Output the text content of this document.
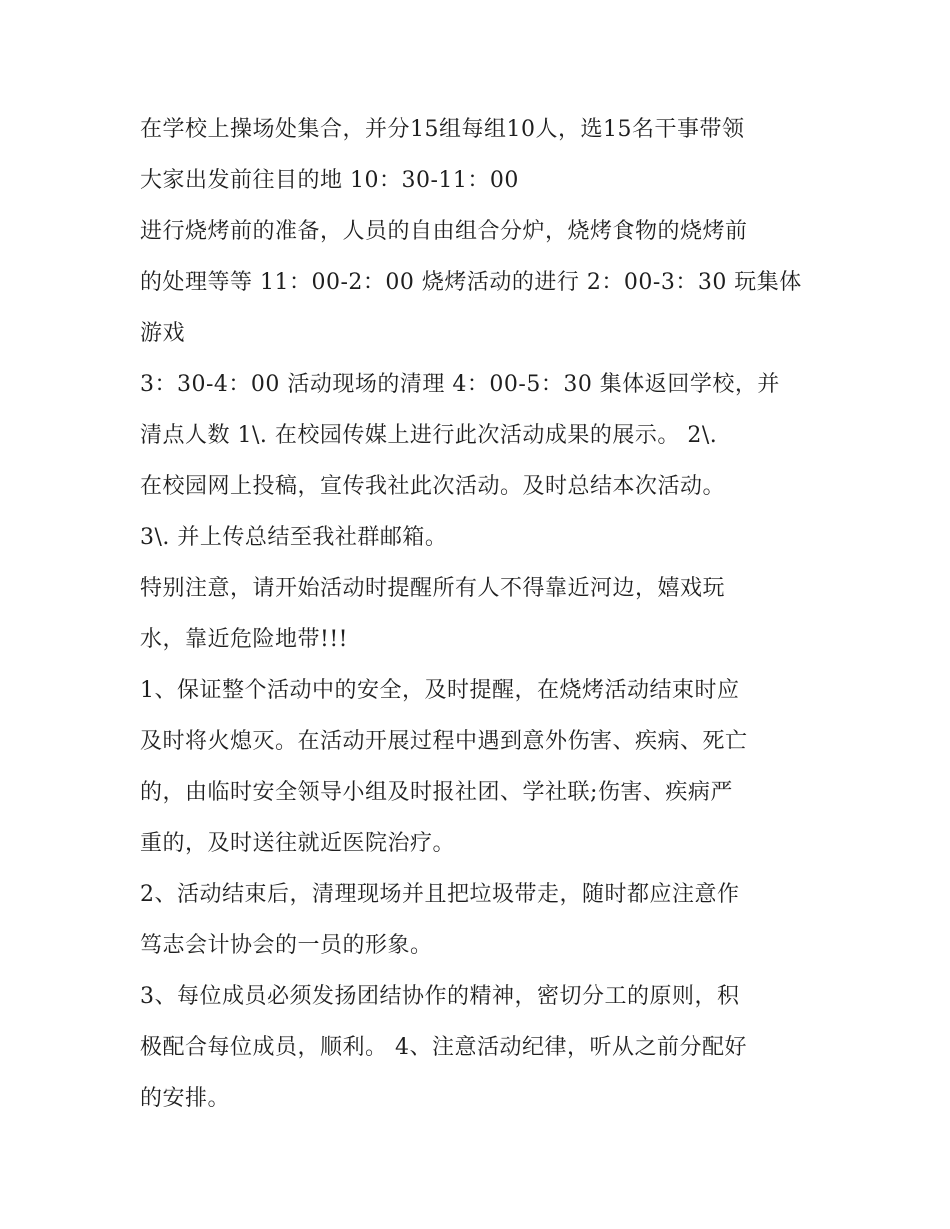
在学校上操场处集合，并分15组每组10人，选15名干事带领
大家出发前往目的地 10：30-11：00
进行烧烤前的准备，人员的自由组合分炉，烧烤食物的烧烤前
的处理等等 11：00-2：00 烧烤活动的进行 2：00-3：30 玩集体
游戏
3：30-4：00 活动现场的清理 4：00-5：30 集体返回学校，并
清点人数 1\. 在校园传媒上进行此次活动成果的展示。 2\.
在校园网上投稿，宣传我社此次活动。及时总结本次活动。
3\. 并上传总结至我社群邮箱。
特别注意，请开始活动时提醒所有人不得靠近河边，嬉戏玩
水，靠近危险地带!!!
1、保证整个活动中的安全，及时提醒，在烧烤活动结束时应
及时将火熄灭。在活动开展过程中遇到意外伤害、疾病、死亡
的，由临时安全领导小组及时报社团、学社联;伤害、疾病严
重的，及时送往就近医院治疗。
2、活动结束后，清理现场并且把垃圾带走，随时都应注意作
笃志会计协会的一员的形象。
3、每位成员必须发扬团结协作的精神，密切分工的原则，积
极配合每位成员，顺利。 4、注意活动纪律，听从之前分配好
的安排。
